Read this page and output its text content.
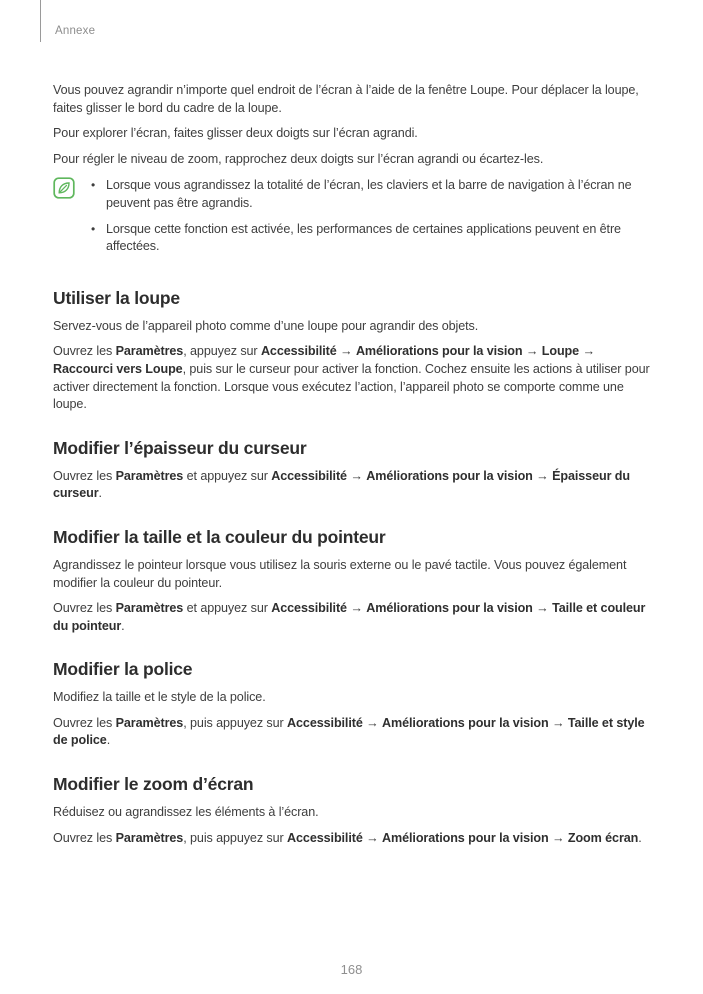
Annexe

Vous pouvez agrandir n’importe quel endroit de l’écran à l’aide de la fenêtre Loupe. Pour déplacer la loupe, faites glisser le bord du cadre de la loupe.

Pour explorer l’écran, faites glisser deux doigts sur l’écran agrandi.

Pour régler le niveau de zoom, rapprochez deux doigts sur l’écran agrandi ou écartez-les.

• Lorsque vous agrandissez la totalité de l’écran, les claviers et la barre de navigation à l’écran ne peuvent pas être agrandis.
• Lorsque cette fonction est activée, les performances de certaines applications peuvent en être affectées.
Utiliser la loupe

Servez-vous de l’appareil photo comme d’une loupe pour agrandir des objets.

Ouvrez les Paramètres, appuyez sur Accessibilité → Améliorations pour la vision → Loupe → Raccourci vers Loupe, puis sur le curseur pour activer la fonction. Cochez ensuite les actions à utiliser pour activer directement la fonction. Lorsque vous exécutez l’action, l’appareil photo se comporte comme une loupe.

Modifier l’épaisseur du curseur

Ouvrez les Paramètres et appuyez sur Accessibilité → Améliorations pour la vision → Épaisseur du curseur.

Modifier la taille et la couleur du pointeur

Agrandissez le pointeur lorsque vous utilisez la souris externe ou le pavé tactile. Vous pouvez également modifier la couleur du pointeur.

Ouvrez les Paramètres et appuyez sur Accessibilité → Améliorations pour la vision → Taille et couleur du pointeur.

Modifier la police

Modifiez la taille et le style de la police.

Ouvrez les Paramètres, puis appuyez sur Accessibilité → Améliorations pour la vision → Taille et style de police.

Modifier le zoom d’écran

Réduisez ou agrandissez les éléments à l’écran.

Ouvrez les Paramètres, puis appuyez sur Accessibilité → Améliorations pour la vision → Zoom écran.

168
